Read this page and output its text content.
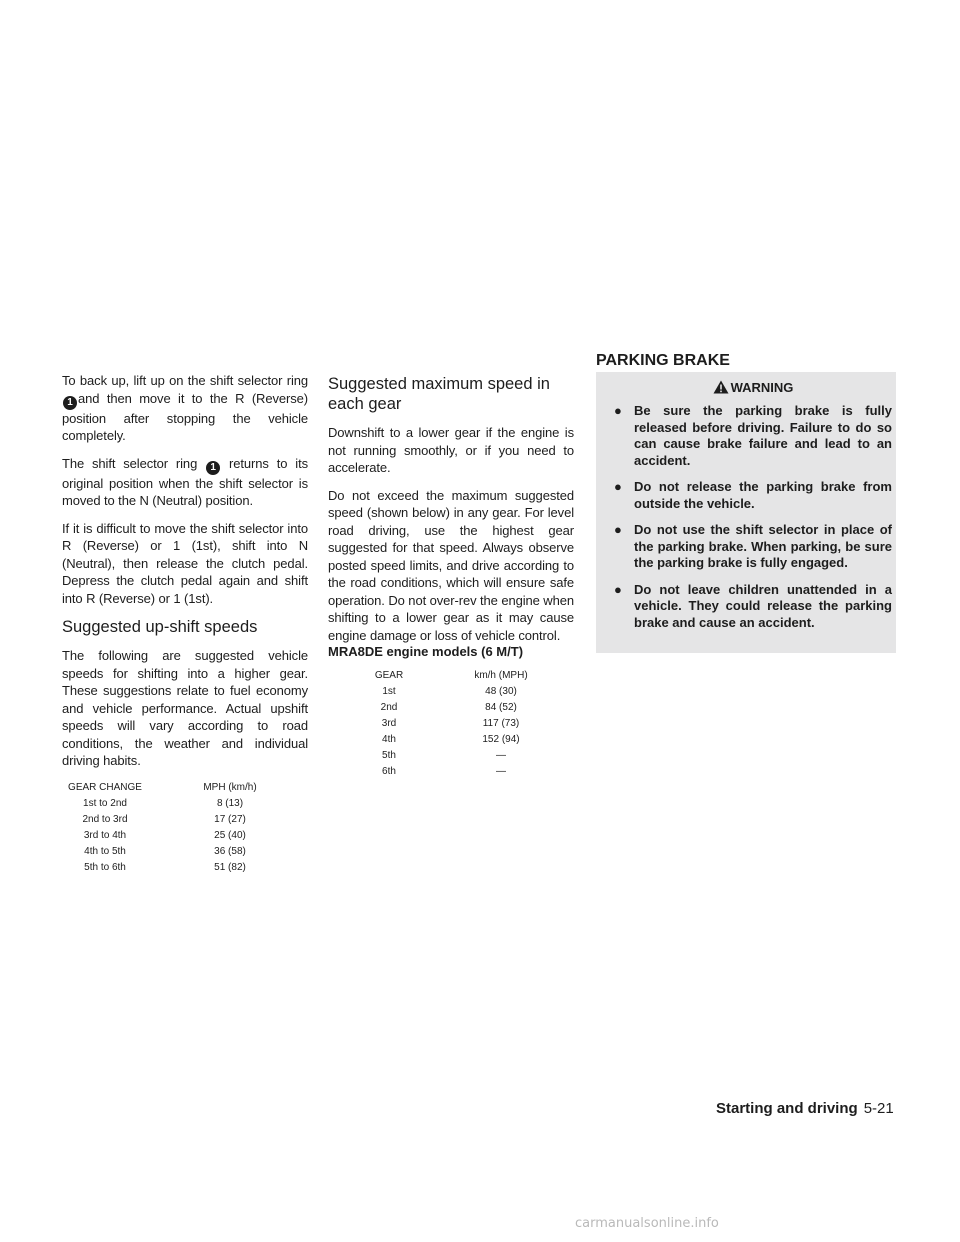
PARKING BRAKE

To back up, lift up on the shift selector ring1 and then move it to the R (Reverse) position after stopping the vehicle completely.

The shift selector ring 1 returns to its original position when the shift selector is moved to the N (Neutral) position.

If it is difficult to move the shift selector into R (Reverse) or 1 (1st), shift into N (Neutral), then release the clutch pedal. Depress the clutch pedal again and shift into R (Reverse) or 1 (1st).

Suggested up-shift speeds

The following are suggested vehicle speeds for shifting into a higher gear. These suggestions relate to fuel economy and vehicle performance. Actual upshift speeds will vary according to road conditions, the weather and individual driving habits.

GEAR CHANGE	MPH (km/h)
1st to 2nd	8 (13)
2nd to 3rd	17 (27)
3rd to 4th	25 (40)
4th to 5th	36 (58)
5th to 6th	51 (82)
Suggested maximum speed in each gear

Downshift to a lower gear if the engine is not running smoothly, or if you need to accelerate.

Do not exceed the maximum suggested speed (shown below) in any gear. For level road driving, use the highest gear suggested for that speed. Always observe posted speed limits, and drive according to the road conditions, which will ensure safe operation. Do not over-rev the engine when shifting to a lower gear as it may cause engine damage or loss of vehicle control.

MRA8DE engine models (6 M/T)
GEAR	km/h (MPH)
1st	48 (30)
2nd	84 (52)
3rd	117 (73)
4th	152 (94)
5th	—
6th	—
WARNING
● Be sure the parking brake is fully released before driving. Failure to do so can cause brake failure and lead to an accident.
● Do not release the parking brake from outside the vehicle.
● Do not use the shift selector in place of the parking brake. When parking, be sure the parking brake is fully engaged.
● Do not leave children unattended in a vehicle. They could release the parking brake and cause an accident.
Starting and driving 5-21
carmanualsonline.info
